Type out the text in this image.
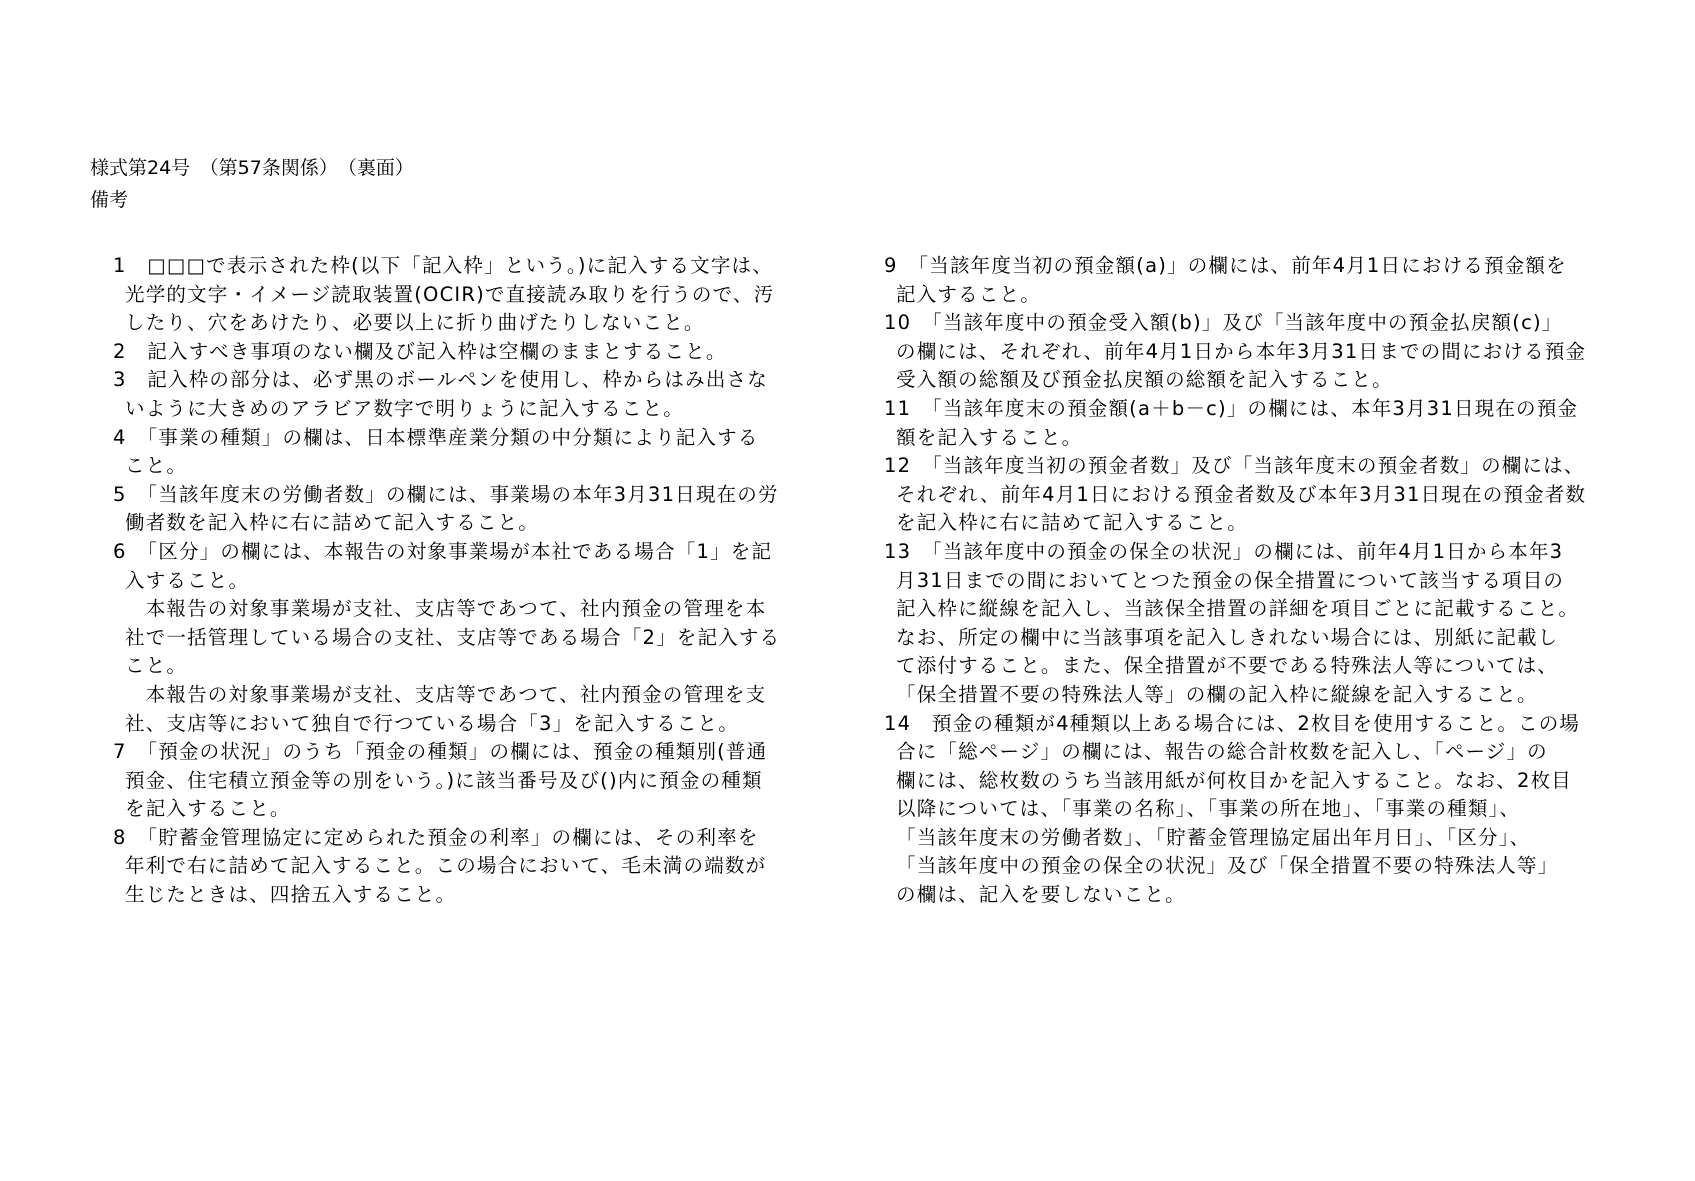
様式第24号　（第57条関係）　（裏面）
備考
1　□□□で表示された枠(以下「記入枠」という。)に記入する文字は、
光学的文字・イメージ読取装置(OCIR)で直接読み取りを行うので、汚
したり、穴をあけたり、必要以上に折り曲げたりしないこと。
2　記入すべき事項のない欄及び記入枠は空欄のままとすること。
3　記入枠の部分は、必ず黒のボールペンを使用し、枠からはみ出さな
いように大きめのアラビア数字で明りょうに記入すること。
4　「事業の種類」の欄は、日本標準産業分類の中分類により記入する
こと。
5　「当該年度末の労働者数」の欄には、事業場の本年3月31日現在の労
働者数を記入枠に右に詰めて記入すること。
6　「区分」の欄には、本報告の対象事業場が本社である場合「1」を記
入すること。
　本報告の対象事業場が支社、支店等であつて、社内預金の管理を本
社で一括管理している場合の支社、支店等である場合「2」を記入する
こと。
　本報告の対象事業場が支社、支店等であつて、社内預金の管理を支
社、支店等において独自で行つている場合「3」を記入すること。
7　「預金の状況」のうち「預金の種類」の欄には、預金の種類別(普通
預金、住宅積立預金等の別をいう。)に該当番号及び()内に預金の種類
を記入すること。
8　「貯蓄金管理協定に定められた預金の利率」の欄には、その利率を
年利で右に詰めて記入すること。この場合において、毛未満の端数が
生じたときは、四捨五入すること。
9　「当該年度当初の預金額(a)」の欄には、前年4月1日における預金額を
記入すること。
10　「当該年度中の預金受入額(b)」及び「当該年度中の預金払戻額(c)」
の欄には、それぞれ、前年4月1日から本年3月31日までの間における預金
受入額の総額及び預金払戻額の総額を記入すること。
11　「当該年度末の預金額(a＋b－c)」の欄には、本年3月31日現在の預金
額を記入すること。
12　「当該年度当初の預金者数」及び「当該年度末の預金者数」の欄には、
それぞれ、前年4月1日における預金者数及び本年3月31日現在の預金者数
を記入枠に右に詰めて記入すること。
13　「当該年度中の預金の保全の状況」の欄には、前年4月1日から本年3
月31日までの間においてとつた預金の保全措置について該当する項目の
記入枠に縦線を記入し、当該保全措置の詳細を項目ごとに記載すること。
なお、所定の欄中に当該事項を記入しきれない場合には、別紙に記載し
て添付すること。また、保全措置が不要である特殊法人等については、
「保全措置不要の特殊法人等」の欄の記入枠に縦線を記入すること。
14　預金の種類が4種類以上ある場合には、2枚目を使用すること。この場
合に「総ページ」の欄には、報告の総合計枚数を記入し、「ページ」の
欄には、総枚数のうち当該用紙が何枚目かを記入すること。なお、2枚目
以降については、「事業の名称」、「事業の所在地」、「事業の種類」、
「当該年度末の労働者数」、「貯蓄金管理協定届出年月日」、「区分」、
「当該年度中の預金の保全の状況」及び「保全措置不要の特殊法人等」
の欄は、記入を要しないこと。
